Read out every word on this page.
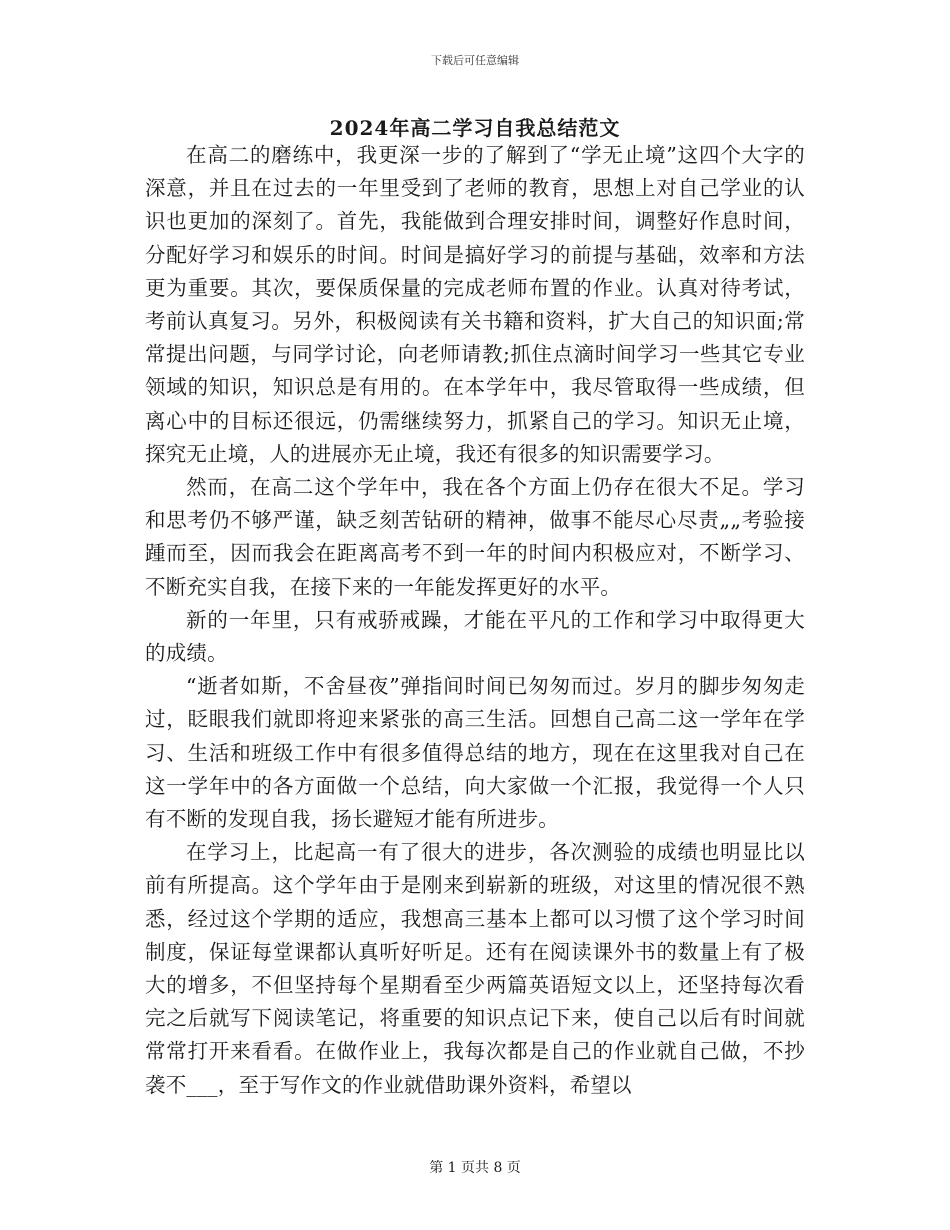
下载后可任意编辑
2024年高二学习自我总结范文

在高二的磨练中，我更深一步的了解到了“学无止境”这四个大字的深意，并且在过去的一年里受到了老师的教育，思想上对自己学业的认识也更加的深刻了。首先，我能做到合理安排时间，调整好作息时间，分配好学习和娱乐的时间。时间是搞好学习的前提与基础，效率和方法更为重要。其次，要保质保量的完成老师布置的作业。认真对待考试，考前认真复习。另外，积极阅读有关书籍和资料，扩大自己的知识面;常常提出问题，与同学讨论，向老师请教;抓住点滴时间学习一些其它专业领域的知识，知识总是有用的。在本学年中，我尽管取得一些成绩，但离心中的目标还很远，仍需继续努力，抓紧自己的学习。知识无止境，探究无止境，人的进展亦无止境，我还有很多的知识需要学习。

然而，在高二这个学年中，我在各个方面上仍存在很大不足。学习和思考仍不够严谨，缺乏刻苦钻研的精神，做事不能尽心尽责„„考验接踵而至，因而我会在距离高考不到一年的时间内积极应对，不断学习、不断充实自我，在接下来的一年能发挥更好的水平。

新的一年里，只有戒骄戒躁，才能在平凡的工作和学习中取得更大的成绩。

“逝者如斯，不舍昼夜”弹指间时间已匆匆而过。岁月的脚步匆匆走过，眨眼我们就即将迎来紧张的高三生活。回想自己高二这一学年在学习、生活和班级工作中有很多值得总结的地方，现在在这里我对自己在这一学年中的各方面做一个总结，向大家做一个汇报，我觉得一个人只有不断的发现自我，扬长避短才能有所进步。

在学习上，比起高一有了很大的进步，各次测验的成绩也明显比以前有所提高。这个学年由于是刚来到崭新的班级，对这里的情况很不熟悉，经过这个学期的适应，我想高三基本上都可以习惯了这个学习时间制度，保证每堂课都认真听好听足。还有在阅读课外书的数量上有了极大的增多，不但坚持每个星期看至少两篇英语短文以上，还坚持每次看完之后就写下阅读笔记，将重要的知识点记下来，使自己以后有时间就常常打开来看看。在做作业上，我每次都是自己的作业就自己做，不抄袭不___，至于写作文的作业就借助课外资料，希望以

第 1 页共 8 页
